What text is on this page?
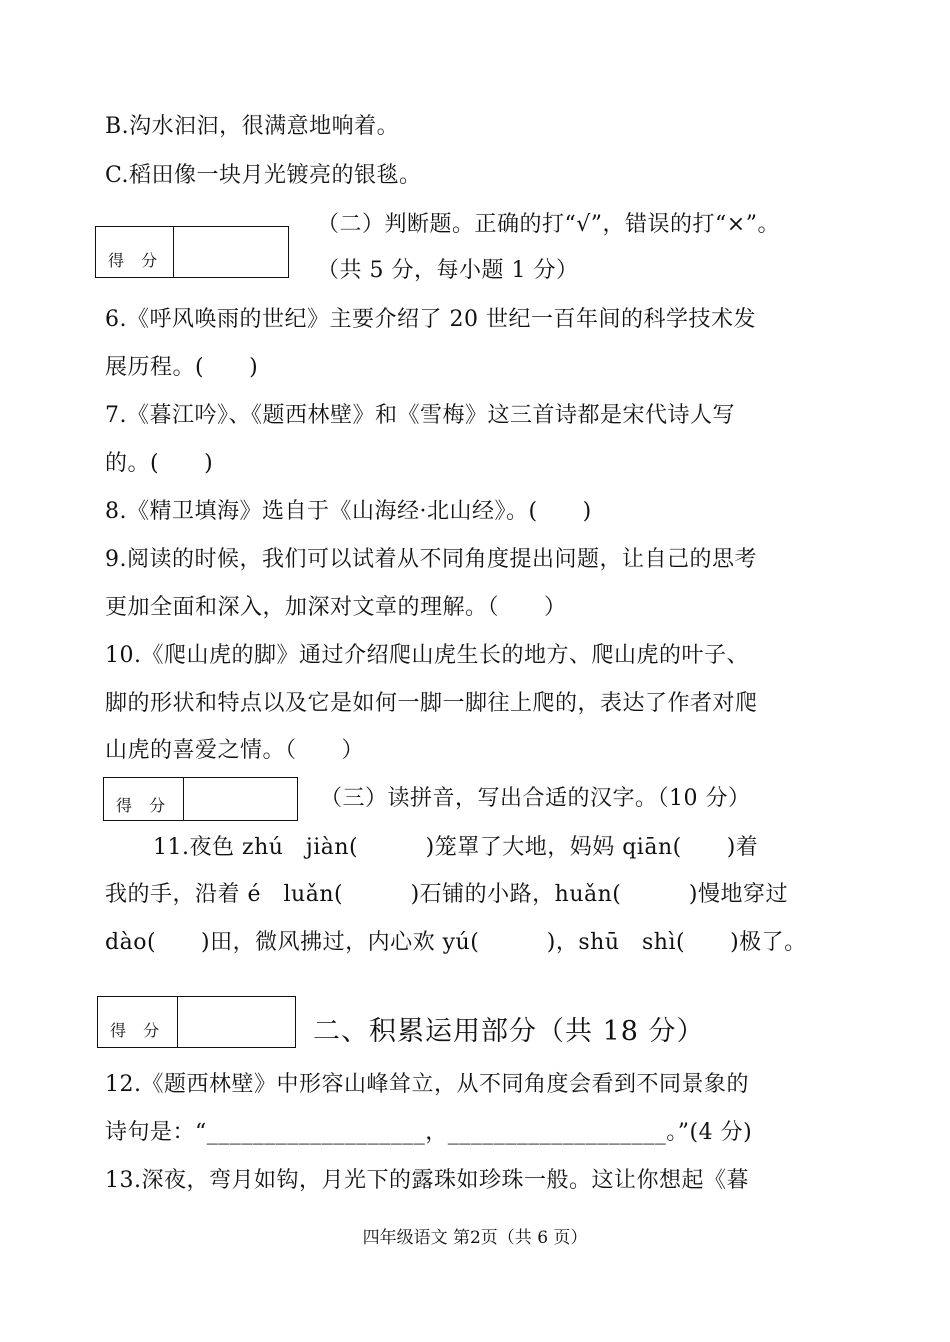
B.沟水汩汩，很满意地响着。
C.稻田像一块月光镀亮的银毯。
得 分
（二）判断题。正确的打“√”，错误的打“×”。
（共 5 分，每小题 1 分）
6.《呼风唤雨的世纪》主要介绍了 20 世纪一百年间的科学技术发
展历程。(　　)
7.《暮江吟》、《题西林壁》和《雪梅》这三首诗都是宋代诗人写
的。(　　)
8.《精卫填海》选自于《山海经·北山经》。(　　)
9.阅读的时候，我们可以试着从不同角度提出问题，让自己的思考
更加全面和深入，加深对文章的理解。（　　）
10.《爬山虎的脚》通过介绍爬山虎生长的地方、爬山虎的叶子、
脚的形状和特点以及它是如何一脚一脚往上爬的，表达了作者对爬
山虎的喜爱之情。（　　）
得 分	（三）读拼音，写出合适的汉字。（10 分）
11.夜色 zhú　jiàn(　　　)笼罩了大地，妈妈 qiān(　　)着
我的手，沿着 é　luǎn(　　　)石铺的小路，huǎn(　　　)慢地穿过
dào(　　)田，微风拂过，内心欢 yú(　　　)，shū　shì(　　)极了。
得 分	二、积累运用部分（共 18 分）
12.《题西林壁》中形容山峰耸立，从不同角度会看到不同景象的
诗句是：“___________________，___________________。”(4 分)
13.深夜，弯月如钩，月光下的露珠如珍珠一般。这让你想起《暮
四年级语文 第2页（共 6 页）
